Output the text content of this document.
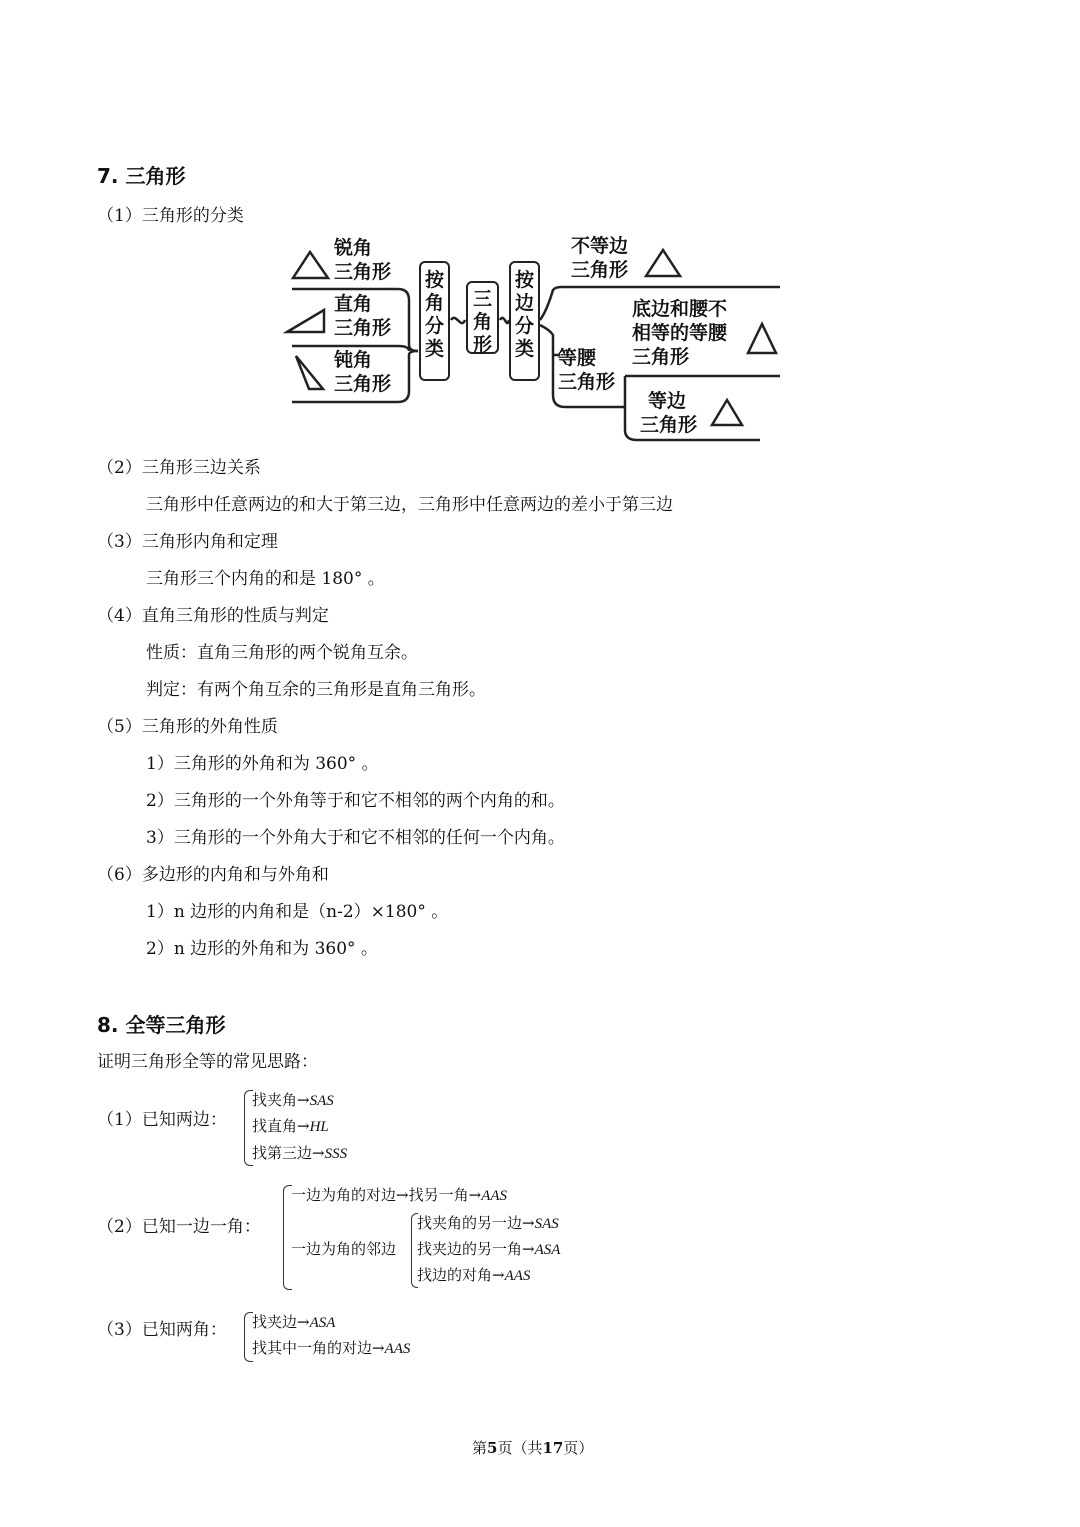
7. 三角形
（1）三角形的分类
锐角
三角形
直角
三角形
钝角
三角形
按角分类
三角形
按边分类
不等边
三角形
等腰
三角形
底边和腰不
相等的等腰
三角形
等边
三角形
（2）三角形三边关系
三角形中任意两边的和大于第三边，三角形中任意两边的差小于第三边
（3）三角形内角和定理
三角形三个内角的和是 180° 。
（4）直角三角形的性质与判定
性质：直角三角形的两个锐角互余。
判定：有两个角互余的三角形是直角三角形。
（5）三角形的外角性质
1）三角形的外角和为 360° 。
2）三角形的一个外角等于和它不相邻的两个内角的和。
3）三角形的一个外角大于和它不相邻的任何一个内角。
（6）多边形的内角和与外角和
1）n 边形的内角和是（n-2）×180° 。
2）n 边形的外角和为 360° 。
8. 全等三角形
证明三角形全等的常见思路：
（1）已知两边：
找夹角→SAS
找直角→HL
找第三边→SSS
（2）已知一边一角：
一边为角的对边→找另一角→AAS
一边为角的邻边
找夹角的另一边→SAS
找夹边的另一角→ASA
找边的对角→AAS
（3）已知两角： 找夹边→ASA
找其中一角的对边→AAS
第5页（共17页）
